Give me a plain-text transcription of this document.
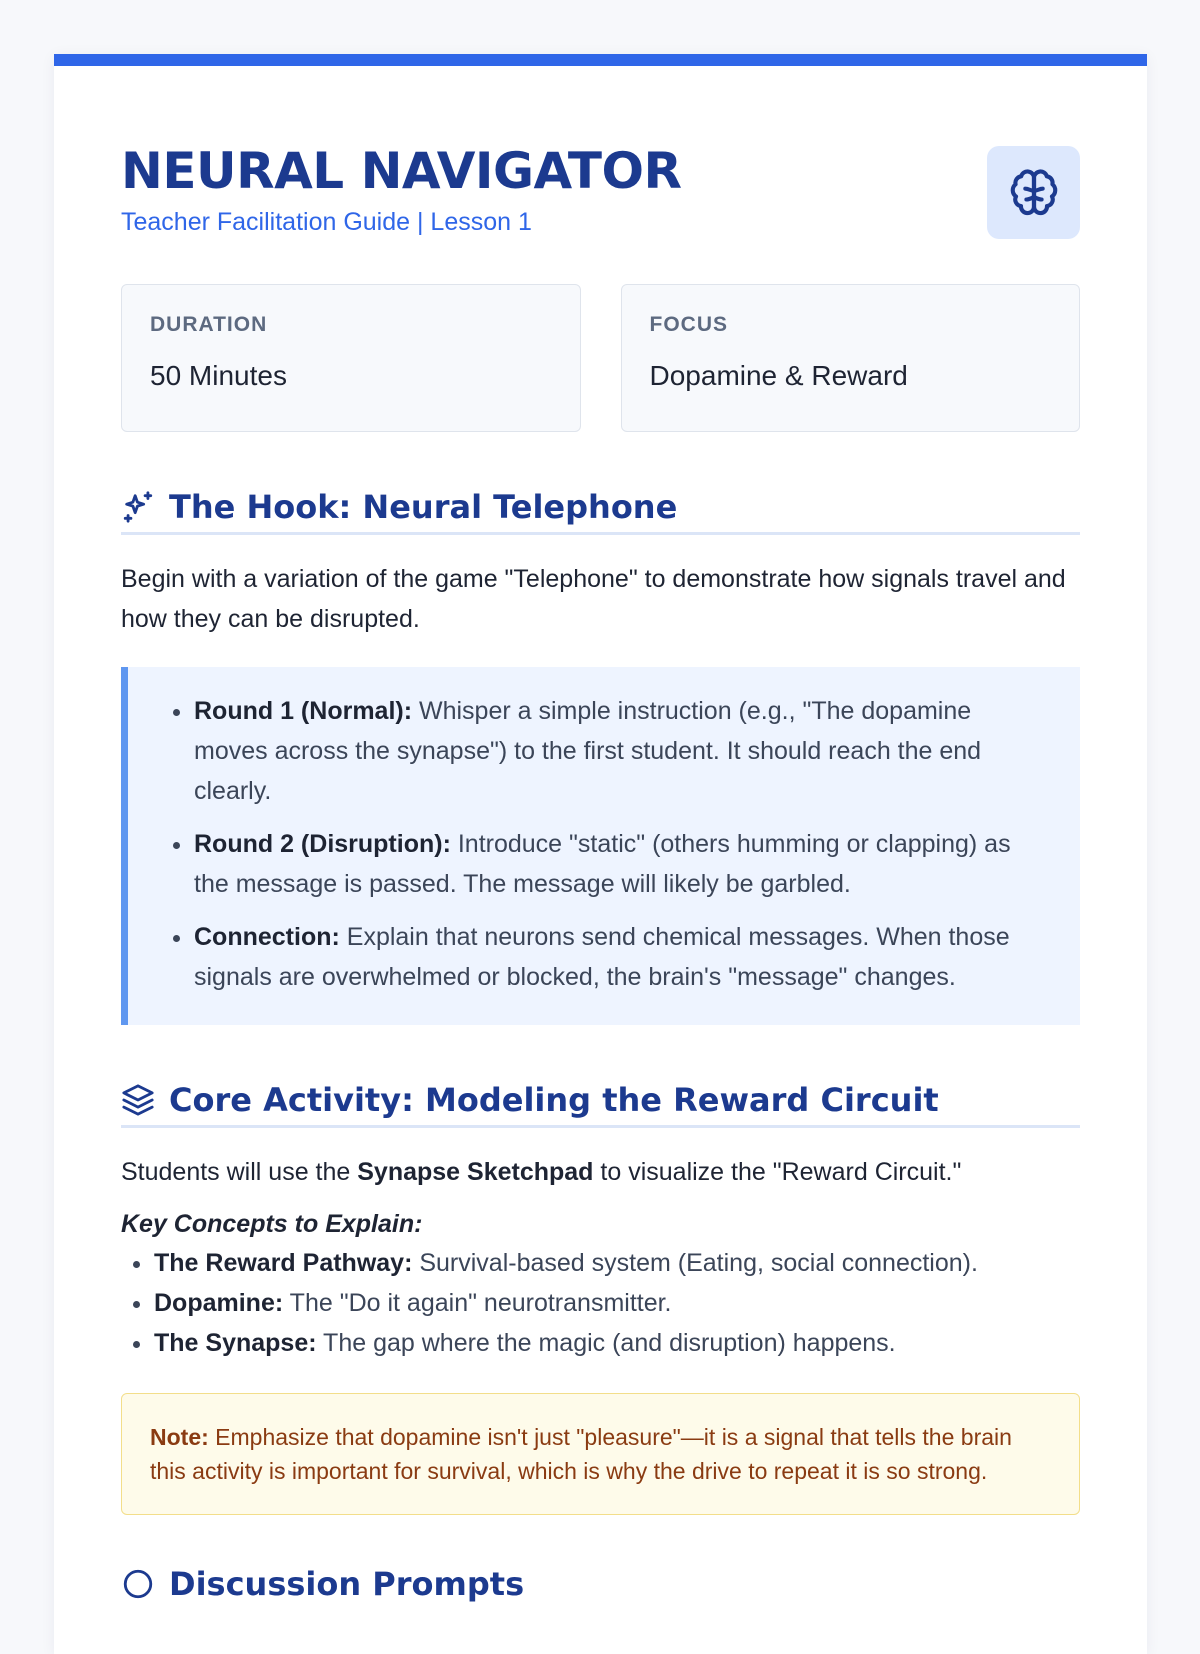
NEURAL NAVIGATOR
Teacher Facilitation Guide | Lesson 1
DURATION
50 Minutes
FOCUS
Dopamine & Reward
The Hook: Neural Telephone

Begin with a variation of the game "Telephone" to demonstrate how signals travel and how they can be disrupted.

• Round 1 (Normal): Whisper a simple instruction (e.g., "The dopamine moves across the synapse") to the first student. It should reach the end clearly.
• Round 2 (Disruption): Introduce "static" (others humming or clapping) as the message is passed. The message will likely be garbled.
• Connection: Explain that neurons send chemical messages. When those signals are overwhelmed or blocked, the brain's "message" changes.
Core Activity: Modeling the Reward Circuit

Students will use the Synapse Sketchpad to visualize the "Reward Circuit."

Key Concepts to Explain:
• The Reward Pathway: Survival-based system (Eating, social connection).
• Dopamine: The "Do it again" neurotransmitter.
• The Synapse: The gap where the magic (and disruption) happens.
Note: Emphasize that dopamine isn't just "pleasure"—it is a signal that tells the brain this activity is important for survival, which is why the drive to repeat it is so strong.
Discussion Prompts
